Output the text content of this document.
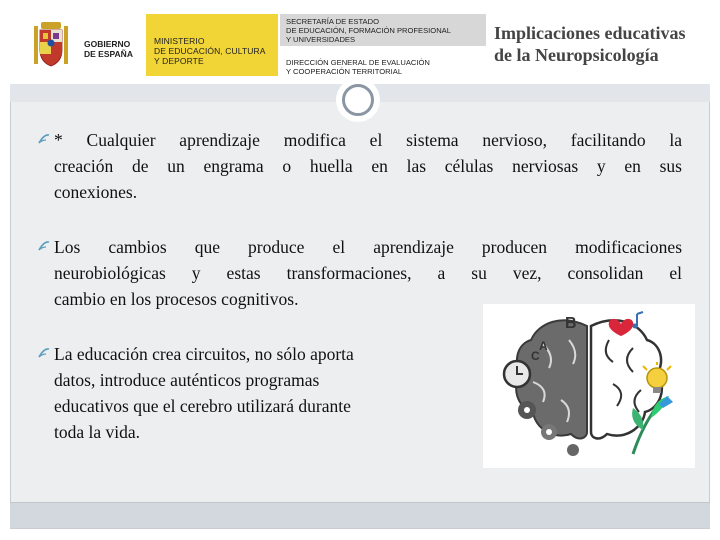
GOBIERNO
DE ESPAÑA
MINISTERIO
DE EDUCACIÓN, CULTURA
Y DEPORTE
SECRETARÍA DE ESTADO
DE EDUCACIÓN, FORMACIÓN PROFESIONAL
Y UNIVERSIDADES
DIRECCIÓN GENERAL DE EVALUACIÓN
Y COOPERACIÓN TERRITORIAL
Implicaciones educativas
de la Neuropsicología
* Cualquier aprendizaje modifica el sistema nervioso, facilitando la
creación de un engrama o huella en las células nerviosas y en sus
conexiones.
Los cambios que produce el aprendizaje producen modificaciones
neurobiológicas y estas transformaciones, a su vez, consolidan el
cambio en los procesos cognitivos.
La educación crea circuitos, no sólo aporta
datos, introduce auténticos programas
educativos que el cerebro utilizará durante
toda la vida.
B
A
C
